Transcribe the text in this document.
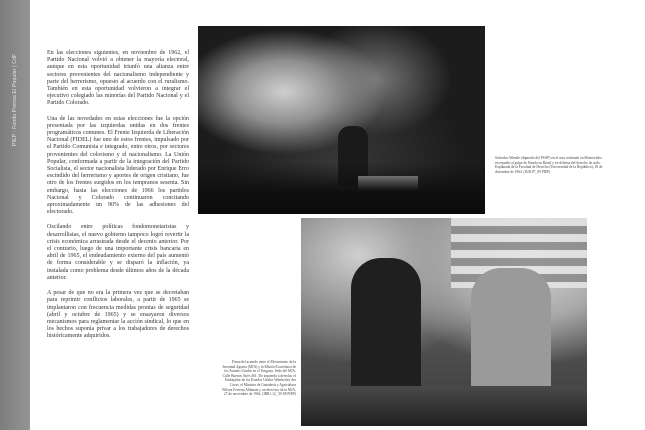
PIEP - Fondo Prensa El Popular | CdF

En las elecciones siguientes, en noviembre de 1962, el Partido Nacional volvió a obtener la mayoría electoral, aunque en esta oportunidad triunfó una alianza entre sectores provenientes del nacionalismo independiente y parte del herrerismo, opuesto al acuerdo con el ruralismo. También en esta oportunidad volvieron a integrar el ejecutivo colegiado las minorías del Partido Nacional y el Partido Colorado.

Una de las novedades en estas elecciones fue la opción presentada por las izquierdas unidas en dos frentes programáticos comunes. El Frente Izquierda de Liberación Nacional (FIDEL) fue uno de estos frentes, impulsado por el Partido Comunista e integrado, entre otros, por sectores provenientes del colorismo y el nacionalismo. La Unión Popular, conformada a partir de la integración del Partido Socialista, el sector nacionalista liderado por Enrique Erro escindido del herrerismo y aportes de origen cristiano, fue otro de los frentes surgidos en los tempranos sesenta. Sin embargo, hasta las elecciones de 1966 los partidos Nacional y Colorado continuaron concitando aproximadamente un 90% de las adhesiones del electorado.

Oscilando entre políticas fondomonetaristas y desarrollistas, el nuevo gobierno tampoco logró revertir la crisis económica arrastrada desde el decenio anterior. Por el contrario, luego de una importante crisis bancaria en abril de 1965, el endeudamiento externo del país aumentó de forma considerable y se disparó la inflación, ya instalada como problema desde últimos años de la década anterior.

A pesar de que no era la primera vez que se decretaban para reprimir conflictos laborales, a partir de 1965 se implantaron con frecuencia medidas prontas de seguridad (abril y octubre de 1965) y se ensayaron diversos mecanismos para reglamentar la acción sindical, lo que en los hechos suponía privar a los trabajadores de derechos históricamente adquiridos.

Salvador Allende (diputado del PSAP) en el acto realizado en Montevideo en repudio al golpe de Estado en Brasil y en defensa del derecho de asilo. Explanada de la Facultad de Derecho (Universidad de la República), 18 de diciembre de 1964. (IGB.07_09 PIEP)
Firma del acuerdo entre el Movimiento de la Juventud Agraria (MJA) y la Misión Económica de los Estados Unidos en el Uruguay. Sede del MJA, Calle Buenos Aires 461. De izquierda a derecha: el Embajador de los Estados Unidos Wimberley des Coers, el Ministro de Ganadería y Agricultura Wilson Ferreira Aldunate y un directivo de la MJA, 27 de noviembre de 1964. (IBR1.12_ 59.88 PIEP)
